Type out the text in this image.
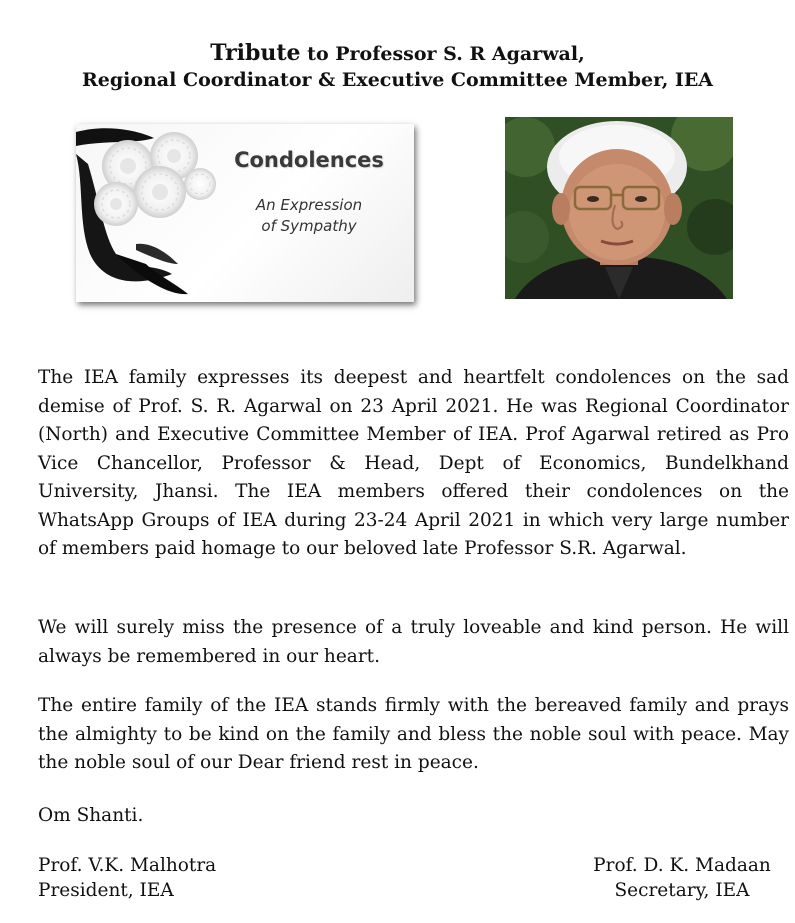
Tribute to Professor S. R Agarwal,
Regional Coordinator & Executive Committee Member, IEA
Condolences
An Expression
of Sympathy

The IEA family expresses its deepest and heartfelt condolences on the sad demise of Prof. S. R. Agarwal on 23 April 2021. He was Regional Coordinator (North) and Executive Committee Member of IEA. Prof Agarwal retired as Pro Vice Chancellor, Professor & Head, Dept of Economics, Bundelkhand University, Jhansi. The IEA members offered their condolences on the WhatsApp Groups of IEA during 23-24 April 2021 in which very large number of members paid homage to our beloved late Professor S.R. Agarwal.

We will surely miss the presence of a truly loveable and kind person. He will always be remembered in our heart.

The entire family of the IEA stands firmly with the bereaved family and prays the almighty to be kind on the family and bless the noble soul with peace. May the noble soul of our Dear friend rest in peace.

Om Shanti.
Prof. V.K. Malhotra
President, IEA
Prof. D. K. Madaan
Secretary, IEA
